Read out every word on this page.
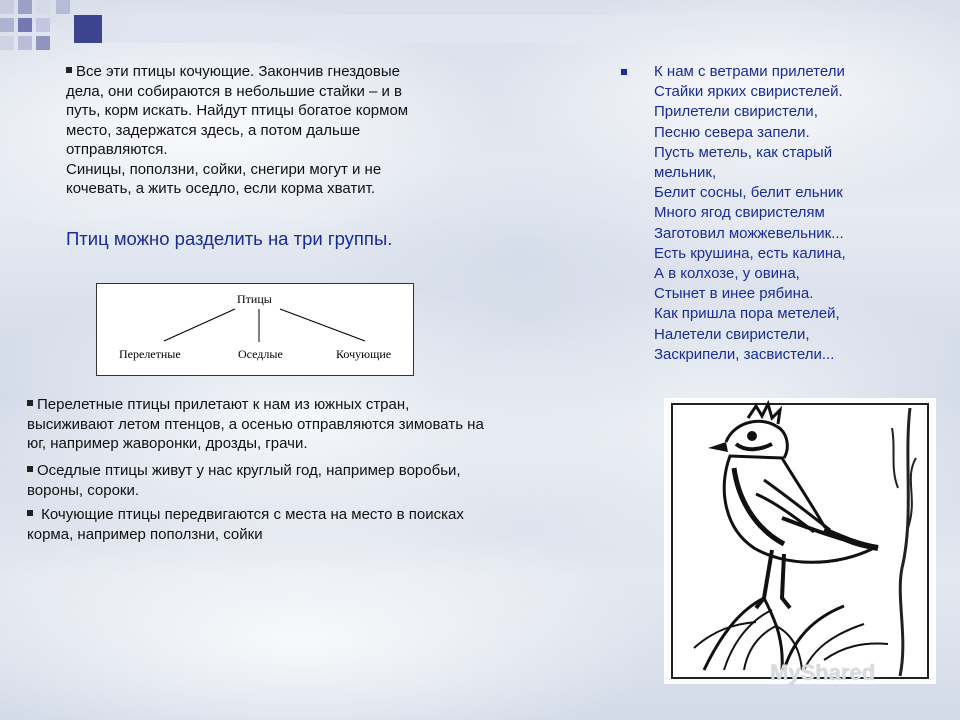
Все эти птицы кочующие. Закончив гнездовые
дела, они собираются в небольшие стайки – и в
путь, корм искать. Найдут птицы богатое кормом
место, задержатся здесь, а потом дальше
отправляются.
Синицы, поползни, сойки, снегири могут и не
кочевать, а жить оседло, если корма хватит.
Птиц можно разделить на три группы.
Птицы
Перелетные	Оседлые	Кочующие
Перелетные птицы прилетают к нам из южных стран,
высиживают летом птенцов, а осенью отправляются зимовать на
юг, например жаворонки, дрозды, грачи.
Оседлые птицы живут у нас круглый год, например воробьи,
вороны, сороки.
Кочующие птицы передвигаются с места на место в поисках
корма, например поползни, сойки
К нам с ветрами прилетели
Стайки ярких свиристелей.
Прилетели свиристели,
Песню севера запели.
Пусть метель, как старый
мельник,
Белит сосны, белит ельник
Много ягод свиристелям
Заготовил можжевельник...
Есть крушина, есть калина,
А в колхозе, у овина,
Стынет в инее рябина.
Как пришла пора метелей,
Налетели свиристели,
Заскрипели, засвистели...
MyShared
